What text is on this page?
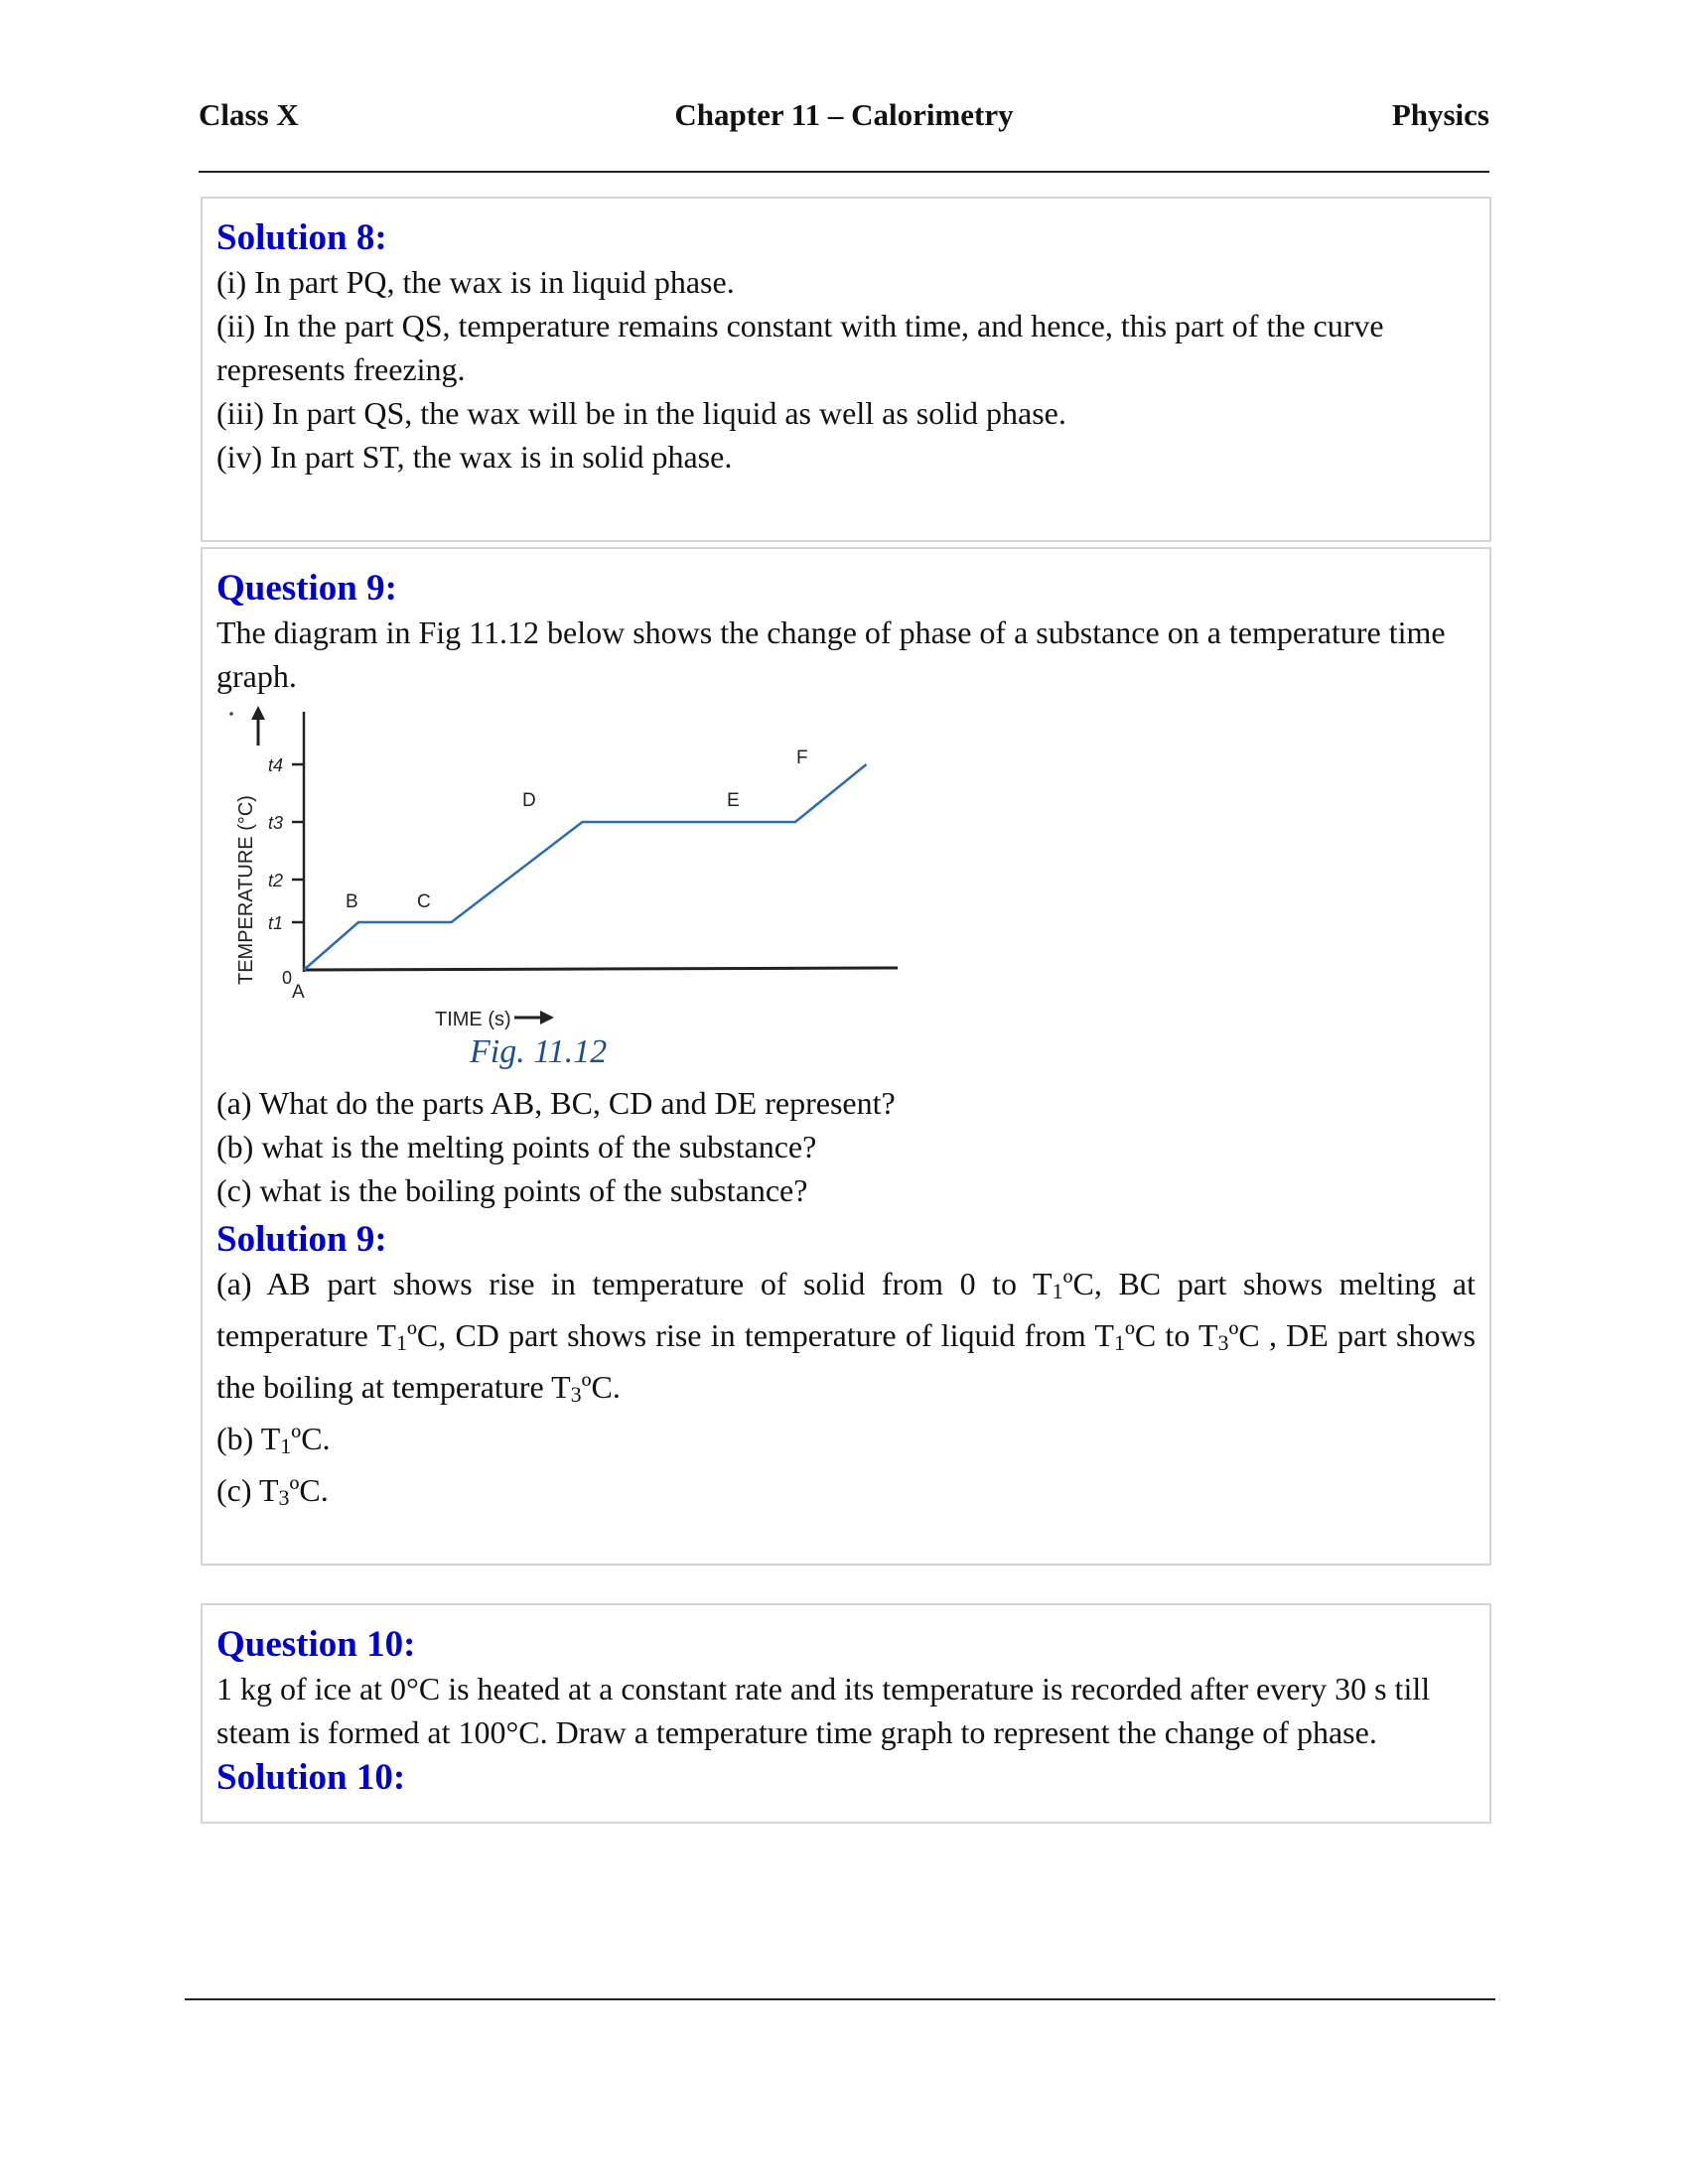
Class X	Chapter 11 – Calorimetry	Physics

Solution 8:

(i) In part PQ, the wax is in liquid phase.

(ii) In the part QS, temperature remains constant with time, and hence, this part of the curve

represents freezing.

(iii) In part QS, the wax will be in the liquid as well as solid phase.

(iv) In part ST, the wax is in solid phase.

Question 9:

The diagram in Fig 11.12 below shows the change of phase of a substance on a temperature time

graph.

t1
t2
t3
t4
TEMPERATURE (°C) 0
A
B	C
D	E
F
TIME (s)
Fig. 11.12

(a) What do the parts AB, BC, CD and DE represent?

(b) what is the melting points of the substance?

(c) what is the boiling points of the substance?

Solution 9:

(a) AB part shows rise in temperature of solid from 0 to T1ºC, BC part shows melting at temperature T1ºC, CD part shows rise in temperature of liquid from T1ºC to T3ºC , DE part shows the boiling at temperature T3ºC.

(b) T1ºC.

(c) T3ºC.

Question 10:

1 kg of ice at 0°C is heated at a constant rate and its temperature is recorded after every 30 s till

steam is formed at 100°C. Draw a temperature time graph to represent the change of phase.

Solution 10:
